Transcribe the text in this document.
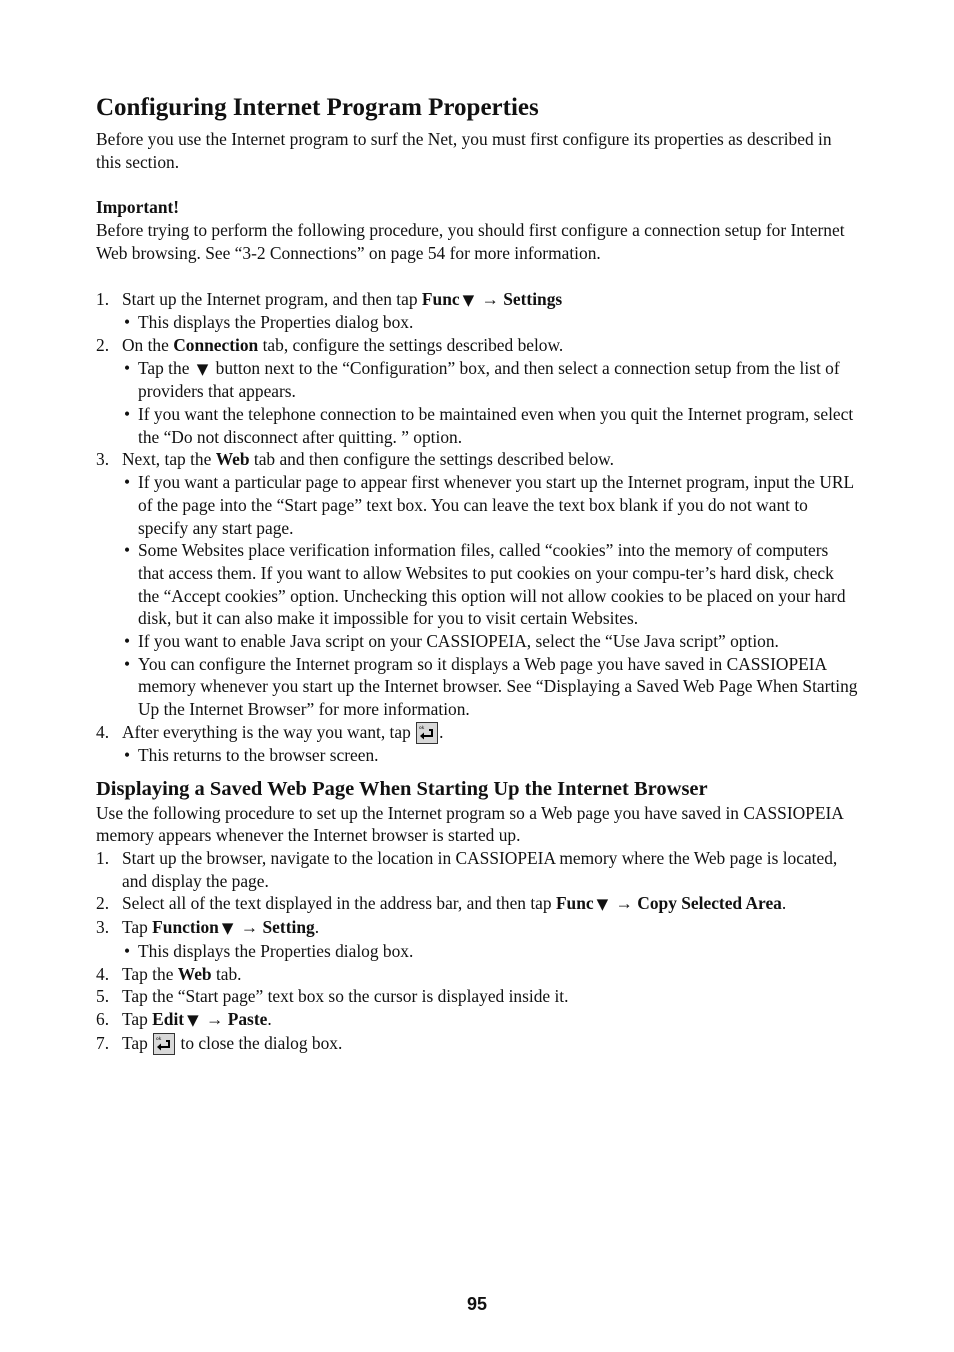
Configuring Internet Program Properties

Before you use the Internet program to surf the Net, you must first configure its properties as described in this section.

Important!

Before trying to perform the following procedure, you should first configure a connection setup for Internet Web browsing. See “3-2 Connections” on page 54 for more information.

1. Start up the Internet program, and then tap Func ▼ → Settings
• This displays the Properties dialog box.
2. On the Connection tab, configure the settings described below.
• Tap the ▼ button next to the “Configuration” box, and then select a connection setup from the list of providers that appears.
• If you want the telephone connection to be maintained even when you quit the Internet program, select the “Do not disconnect after quitting. ” option.
3. Next, tap the Web tab and then configure the settings described below.
• If you want a particular page to appear first whenever you start up the Internet program, input the URL of the page into the “Start page” text box. You can leave the text box blank if you do not want to specify any start page.
• Some Websites place verification information files, called “cookies” into the memory of computers that access them. If you want to allow Websites to put cookies on your compu-ter’s hard disk, check the “Accept cookies” option. Unchecking this option will not allow cookies to be placed on your hard disk, but it can also make it impossible for you to visit certain Websites.
• If you want to enable Java script on your CASSIOPEIA, select the “Use Java script” option.
• You can configure the Internet program so it displays a Web page you have saved in CASSIOPEIA memory whenever you start up the Internet browser. See “Displaying a Saved Web Page When Starting Up the Internet Browser” for more information.
4. After everything is the way you want, tap ok .
• This returns to the browser screen.
Displaying a Saved Web Page When Starting Up the Internet Browser

Use the following procedure to set up the Internet program so a Web page you have saved in CASSIOPEIA memory appears whenever the Internet browser is started up.

1. Start up the browser, navigate to the location in CASSIOPEIA memory where the Web page is located, and display the page.
2. Select all of the text displayed in the address bar, and then tap Func ▼ → Copy Selected Area.
3. Tap Function ▼ → Setting.
• This displays the Properties dialog box.
4. Tap the Web tab.
5. Tap the “Start page” text box so the cursor is displayed inside it.
6. Tap Edit ▼ → Paste.
7. Tap ok to close the dialog box.
95
